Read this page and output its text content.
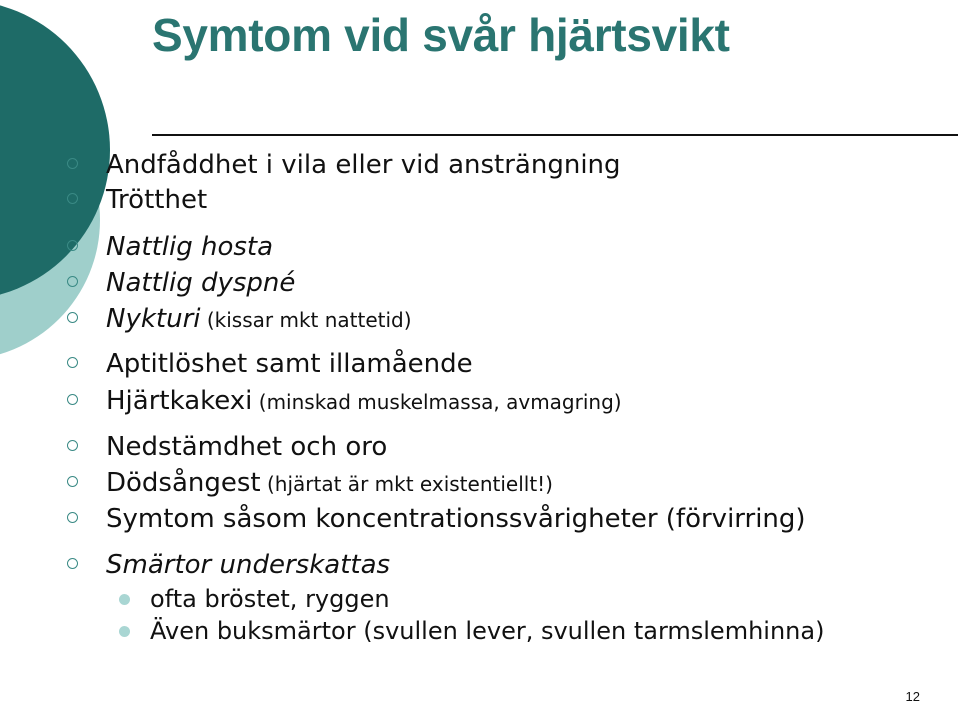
Symtom vid svår hjärtsvikt
Andfåddhet i vila eller vid ansträngning
Trötthet
Nattlig hosta
Nattlig dyspné
Nykturi (kissar mkt nattetid)
Aptitlöshet samt illamående
Hjärtkakexi (minskad muskelmassa, avmagring)
Nedstämdhet och oro
Dödsångest (hjärtat är mkt existentiellt!)
Symtom såsom koncentrationssvårigheter (förvirring)
Smärtor underskattas
ofta bröstet, ryggen
Även buksmärtor (svullen lever, svullen tarmslemhinna)
12
